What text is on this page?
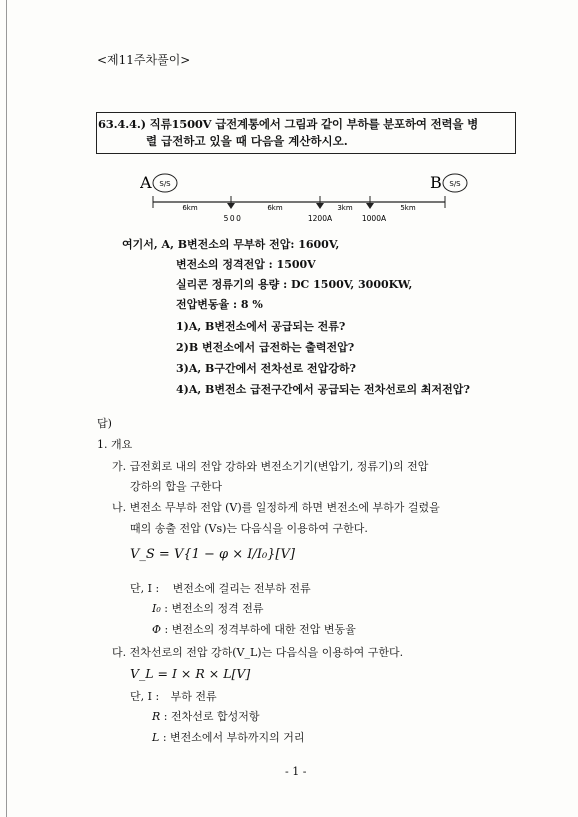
<제11주차풀이>
63.4.4.) 직류1500V 급전계통에서 그림과 같이 부하를 분포하여 전력을 병
렬 급전하고 있을 때 다음을 계산하시오.
A S/S	B S/S
6km	6km	3km	5km
500	1200A	1000A
여기서, A, B변전소의 무부하 전압: 1600V,
변전소의 정격전압 : 1500V
실리콘 정류기의 용량 : DC 1500V, 3000KW,
전압변동율 : 8 %
1)A, B변전소에서 공급되는 전류?
2)B 변전소에서 급전하는 출력전압?
3)A, B구간에서 전차선로 전압강하?
4)A, B변전소 급전구간에서 공급되는 전차선로의 최저전압?
답)
1. 개요
가. 급전회로 내의 전압 강하와 변전소기기(변압기, 정류기)의 전압
강하의 합을 구한다
나. 변전소 무부하 전압 (V)를 일정하게 하면 변전소에 부하가 걸렸을
때의 송출 전압 (Vs)는 다음식을 이용하여 구한다.
V_S = V{1 − φ × I/I₀}[V]
단, I : 변전소에 걸리는 전부하 전류
I₀ : 변전소의 정격 전류
Φ : 변전소의 정격부하에 대한 전압 변동율
다. 전차선로의 전압 강하(V_L)는 다음식을 이용하여 구한다.
V_L = I × R × L[V]
단, I : 부하 전류
R : 전차선로 합성저항
L : 변전소에서 부하까지의 거리
- 1 -
